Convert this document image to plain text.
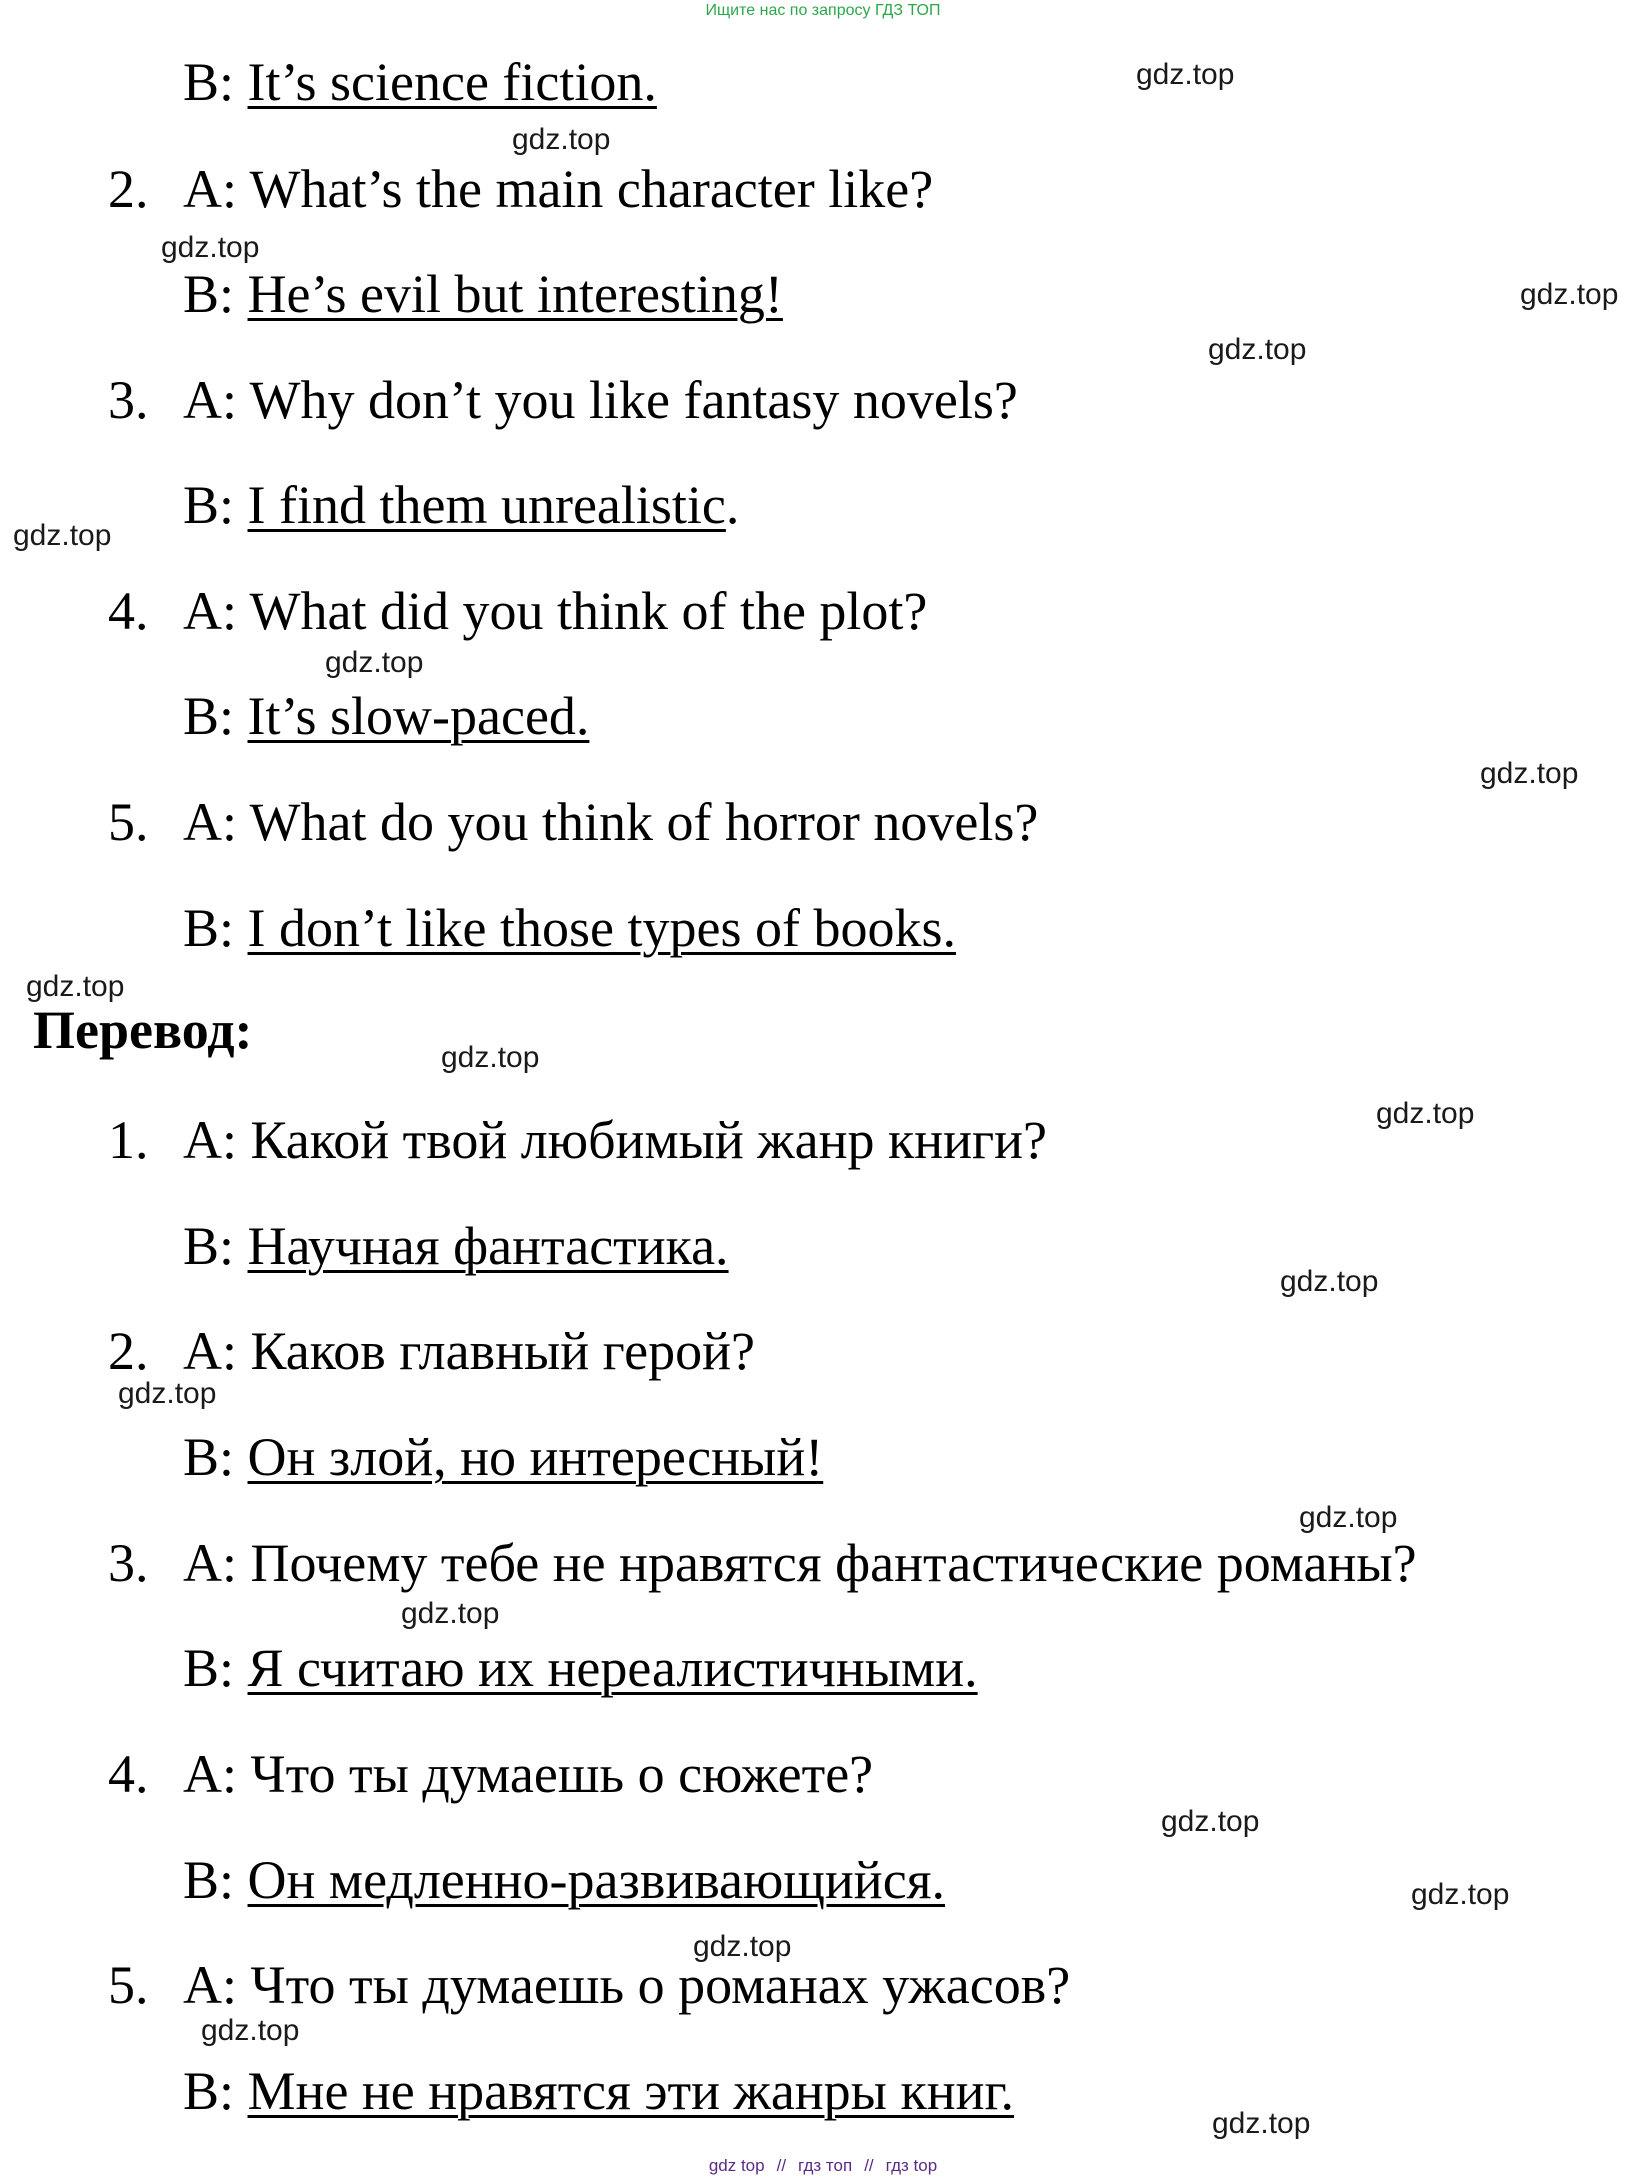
Ищите нас по запросу ГДЗ ТОП
B: It’s science fiction.
2. A: What’s the main character like?
B: He’s evil but interesting!
3. A: Why don’t you like fantasy novels?
B: I find them unrealistic.
4. A: What did you think of the plot?
B: It’s slow-paced.
5. A: What do you think of horror novels?
B: I don’t like those types of books.
Перевод:
1. A: Какой твой любимый жанр книги?
B: Научная фантастика.
2. A: Каков главный герой?
B: Он злой, но интересный!
3. A: Почему тебе не нравятся фантастические романы?
B: Я считаю их нереалистичными.
4. A: Что ты думаешь о сюжете?
B: Он медленно-развивающийся.
5. A: Что ты думаешь о романах ужасов?
B: Мне не нравятся эти жанры книг.
gdz.top
gdz.top
gdz.top
gdz.top
gdz.top
gdz.top
gdz.top
gdz.top
gdz.top
gdz.top
gdz.top
gdz.top
gdz.top
gdz.top
gdz.top
gdz.top
gdz.top
gdz.top
gdz.top
gdz.top
gdz top // гдз топ // гдз top
